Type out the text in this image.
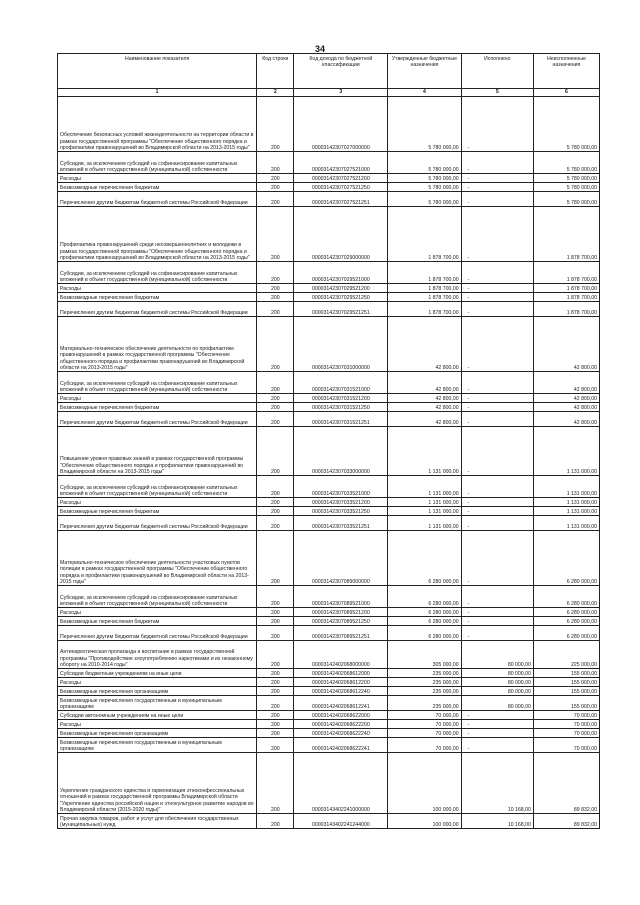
34
Наименование показателя	Код строки	Код дохода по бюджетной классификации	Утвержденные бюджетные назначения	Исполнено	Неисполненные назначения
1	2	3	4	5	6
Обеспечение безопасных условий жизнедеятельности на территории области в рамках государственной программы "Обеспечение общественного порядка и профилактики правонарушений во Владимирской области на 2013-2015 годы"	200	00003142307027000000	5 780 000,00	-	5 780 000,00
Субсидии, за исключением субсидий на софинансирование капитальных вложений в объект государственной (муниципальной) собственности	200	00003142307027521000	5 780 000,00	-	5 780 000,00
Расходы	200	00003142307027521200	5 780 000,00	-	5 780 000,00
Безвозмездные перечисления бюджетам	200	00003142307027521250	5 780 000,00	-	5 780 000,00
Перечисления другим бюджетам бюджетной системы Российской Федерации	200	00003142307027521251	5 780 000,00	-	5 780 000,00
Профилактика правонарушений среди несовершеннолетних и молодежи в рамках государственной программы "Обеспечение общественного порядка и профилактики правонарушений во Владимирской области на 2013-2015 годы"	200	00003142307029000000	1 878 700,00	-	1 878 700,00
Субсидии, за исключением субсидий на софинансирование капитальных вложений в объект государственной (муниципальной) собственности	200	00003142307029521000	1 878 700,00	-	1 878 700,00
Расходы	200	00003142307029521200	1 878 700,00	-	1 878 700,00
Безвозмездные перечисления бюджетам	200	00003142307029521250	1 878 700,00	-	1 878 700,00
Перечисления другим бюджетам бюджетной системы Российской Федерации	200	00003142307029521251	1 878 700,00	-	1 878 700,00
Материально-техническое обеспечение деятельности по профилактике правонарушений в рамках государственной программы "Обеспечение общественного порядка и профилактики правонарушений во Владимирской области на 2013-2015 годы"	200	00003142307031000000	42 800,00	-	42 800,00
Субсидии, за исключением субсидий на софинансирование капитальных вложений в объект государственной (муниципальной) собственности	200	00003142307031521000	42 800,00	-	42 800,00
Расходы	200	00003142307031521200	42 800,00	-	42 800,00
Безвозмездные перечисления бюджетам	200	00003142307031521250	42 800,00	-	42 800,00
Перечисления другим бюджетам бюджетной системы Российской Федерации	200	00003142307031521251	42 800,00	-	42 800,00
Повышение уровня правовых знаний в рамках государственной программы "Обеспечение общественного порядка и профилактики правонарушений во Владимирской области на 2013-2015 годы"	200	00003142307033000000	1 131 000,00	-	1 131 000,00
Субсидии, за исключением субсидий на софинансирование капитальных вложений в объект государственной (муниципальной) собственности	200	00003142307033521000	1 131 000,00	-	1 131 000,00
Расходы	200	00003142307033521200	1 131 000,00	-	1 131 000,00
Безвозмездные перечисления бюджетам	200	00003142307033521250	1 131 000,00	-	1 131 000,00
Перечисления другим бюджетам бюджетной системы Российской Федерации	200	00003142307033521251	1 131 000,00	-	1 131 000,00
Материально-техническое обеспечение деятельности участковых пунктов полиции в рамках государственной программы "Обеспечение общественного порядка и профилактики правонарушений во Владимирской области на 2013-2015 годы"	200	00003142307089000000	6 280 000,00	-	6 280 000,00
Субсидии, за исключением субсидий на софинансирование капитальных вложений в объект государственной (муниципальной) собственности	200	00003142307089521000	6 280 000,00	-	6 280 000,00
Расходы	200	00003142307089521200	6 280 000,00	-	6 280 000,00
Безвозмездные перечисления бюджетам	200	00003142307089521250	6 280 000,00	-	6 280 000,00
Перечисления другим бюджетам бюджетной системы Российской Федерации	200	00003142307089521251	6 280 000,00	-	6 280 000,00
Антинаркотическая пропаганда и воспитание в рамках государственной программы "Противодействие злоупотреблению наркотиками и их незаконному обороту на 2010-2014 годы"	200	00003142402068000000	305 000,00	80 000,00	225 000,00
Субсидии бюджетным учреждениям на иные цели	200	00003142402068612000	235 000,00	80 000,00	155 000,00
Расходы	200	00003142402068612200	235 000,00	80 000,00	155 000,00
Безвозмездные перечисления организациям	200	00003142402068612240	235 000,00	80 000,00	155 000,00
Безвозмездные перечисления государственным и муниципальным организациям	200	00003142402068612241	235 000,00	80 000,00	155 000,00
Субсидии автономным учреждениям на иные цели	200	00003142402068622000	70 000,00	-	70 000,00
Расходы	200	00003142402068622200	70 000,00	-	70 000,00
Безвозмездные перечисления организациям	200	00003142402068622240	70 000,00	-	70 000,00
Безвозмездные перечисления государственным и муниципальным организациям	200	00003142402068622241	70 000,00	-	70 000,00
Укрепление гражданского единства и гармонизация этноконфессиональных отношений в рамках государственной программы Владимирской области "Укрепление единства российской нации и этнокультурное развитие народов во Владимирской области (2015-2020 годы)"	200	00003143402241000000	100 000,00	10 168,00	89 832,00
Прочая закупка товаров, работ и услуг для обеспечения государственных (муниципальных) нужд	200	00003143402241244000	100 000,00	10 168,00	89 832,00
